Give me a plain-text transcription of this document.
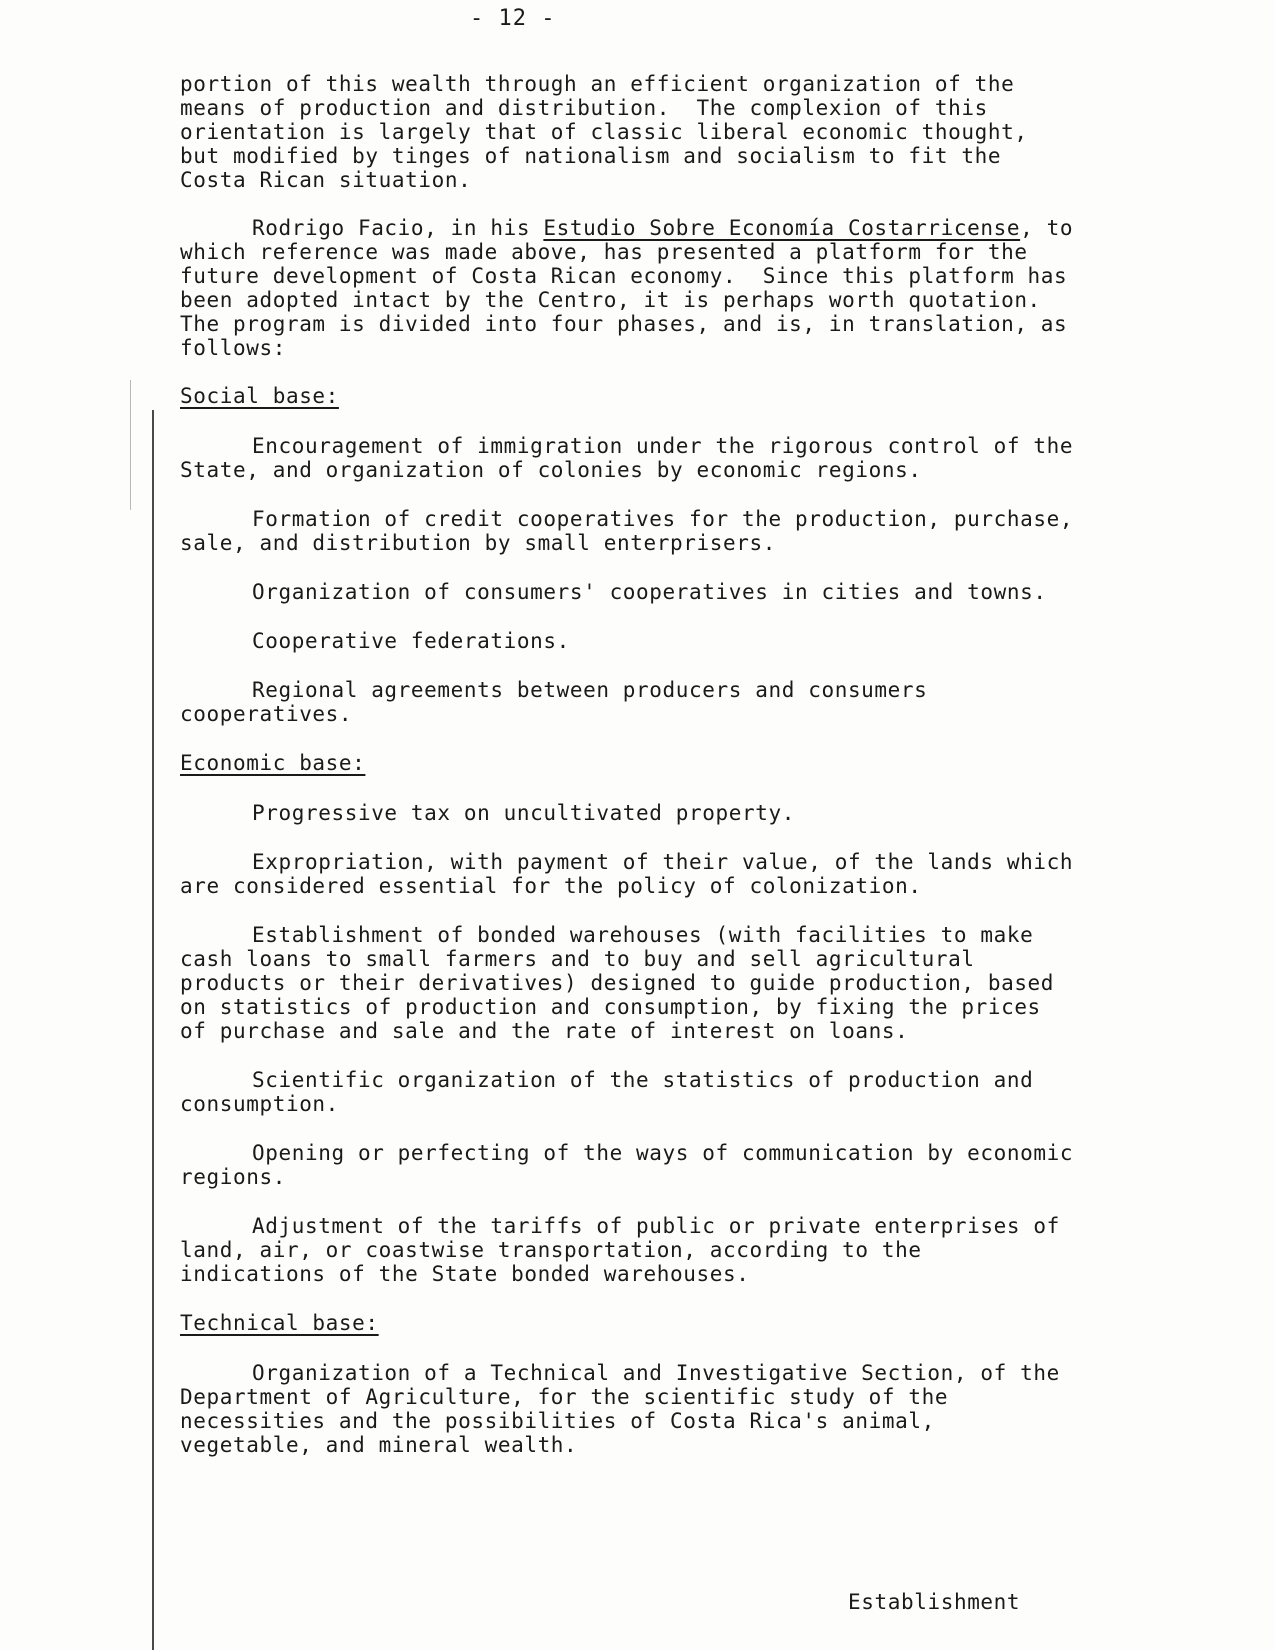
- 12 -

portion of this wealth through an efficient organization of the means of production and distribution.  The complexion of this orientation is largely that of classic liberal economic thought, but modified by tinges of nationalism and socialism to fit the Costa Rican situation.

Rodrigo Facio, in his Estudio Sobre Economía Costarricense, to which reference was made above, has presented a platform for the future development of Costa Rican economy.  Since this platform has been adopted intact by the Centro, it is perhaps worth quotation.  The program is divided into four phases, and is, in translation, as follows:

Social base:

Encouragement of immigration under the rigorous control of the State, and organization of colonies by economic regions.

Formation of credit cooperatives for the production, purchase, sale, and distribution by small enterprisers.

Organization of consumers' cooperatives in cities and towns.

Cooperative federations.

Regional agreements between producers and consumers cooperatives.

Economic base:

Progressive tax on uncultivated property.

Expropriation, with payment of their value, of the lands which are considered essential for the policy of colonization.

Establishment of bonded warehouses (with facilities to make cash loans to small farmers and to buy and sell agricultural products or their derivatives) designed to guide production, based on statistics of production and consumption, by fixing the prices of purchase and sale and the rate of interest on loans.

Scientific organization of the statistics of production and consumption.

Opening or perfecting of the ways of communication by economic regions.

Adjustment of the tariffs of public or private enterprises of land, air, or coastwise transportation, according to the indications of the State bonded warehouses.

Technical base:

Organization of a Technical and Investigative Section, of the Department of Agriculture, for the scientific study of the necessities and the possibilities of Costa Rica's animal, vegetable, and mineral wealth.

Establishment
